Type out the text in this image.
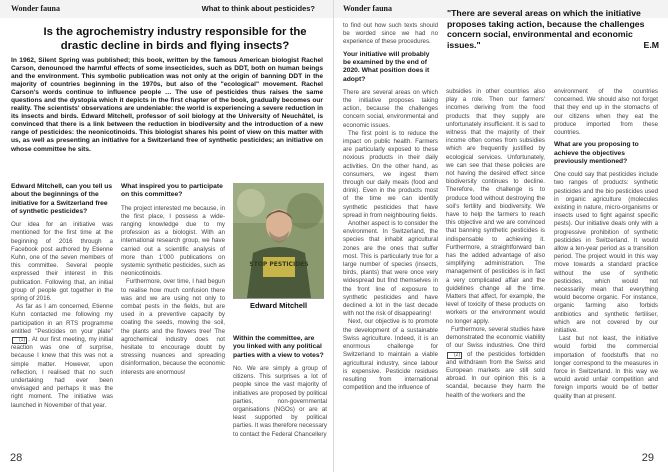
Wonder fauna	What to think about pesticides?
Is the agrochemistry industry responsible for the drastic decline in birds and flying insects?
In 1962, Silent Spring was published; this book, written by the famous American biologist Rachel Carson, denounced the harmful effects of some insecticides, such as DDT, both on human beings and the environment. This symbolic publication was not only at the origin of banning DDT in the majority of countries beginning in the 1970s, but also of the "ecological" movement. Rachel Carson's words continue to influence people … The use of pesticides thus raises the same questions and the dystopia which it depicts in the first chapter of the book, gradually becomes our reality. The scientists' observations are undeniable: the world is experiencing a severe reduction in its insects and birds. Edward Mitchell, professor of soil biology at the University of Neuchâtel, is convinced that there is a link between the reduction in biodiversity and the introduction of a new range of pesticides: the neonicotinoids. This biologist shares his point of view on this matter with us, as well as presenting an initiative for a Switzerland free of synthetic pesticides; an initiative on whose committee he sits.
Edward Mitchell, can you tell us about the beginnings of the initiative for a Switzerland free of synthetic pesticides?

Our idea for an initiative was mentioned for the first time at the beginning of 2016 through a Facebook post authored by Etienne Kuhn, one of the seven members of this committee. Several people expressed their interest in this publication. Following that, an initial group of people got together in the spring of 2016.

As far as I am concerned, Etienne Kuhn contacted me following my participation in an RTS programme entitled "Pesticides on your plate" (1) . At our first meeting, my initial reaction was one of surprise, because I knew that this was not a simple matter. However, upon reflection, I realised that no such undertaking had ever been envisaged and perhaps it was the right moment. The initiative was launched in November of that year.

What inspired you to participate on this committee?

The project interested me because, in the first place, I possess a wide-ranging knowledge due to my profession as a biologist. With an international research group, we have carried out a scientific analysis of more than 1'000 publications on systemic synthetic pesticides, such as neonicotinoids.

Furthermore, over time, I had begun to realise how much confusion there was and we are using not only to combat pests in the fields, but are used in a preventive capacity by coating the seeds, mowing the soil, the plants and the flowers tree! The agrochemical industry does not hesitate to encourage doubt by stressing nuances and spreading disinformation, because the economic interests are enormous!

STOP PESTICIDES
Edward Mitchell
Within the committee, are you linked with any political parties with a view to votes?

No. We are simply a group of citizens. This surprises a lot of people since the vast majority of initiatives are proposed by political parties, non-governmental organisations (NGOs) or are at least supported by political parties. It was therefore necessary to contact the Federal Chancellery

28
Wonder fauna	"There are several areas on which the initiative proposes taking action, because the challenges concern social, environmental and economic issues."	E.M

to find out how such texts should be worded since we had no experience of these procedures.

Your initiative will probably be examined by the end of 2020. What position does it adopt?

There are several areas on which the initiative proposes taking action, because the challenges concern social, environmental and economic issues.

The first point is to reduce the impact on public health. Farmers are particularly exposed to these noxious products in their daily activities. On the other hand, as consumers, we ingest them through our daily meals (food and drink). Even in the products most of the time we can identify synthetic pesticides that have spread in from neighbouring fields.

Another aspect is to consider the environment. In Switzerland, the species that inhabit agricultural zones are the ones that suffer most. This is particularly true for a large number of species (insects, birds, plants) that were once very widespread but find themselves in the front line of exposure to synthetic pesticides and have declined a lot in the last decade with not the risk of disappearing!

Next, our objective is to promote the development of a sustainable Swiss agriculture. Indeed, it is an enormous challenge for Switzerland to maintain a viable agricultural industry, since labour is expensive. Pesticide residues resulting from international competition and the influence of

subsidies in other countries also play a role. Then our farmers' incomes deriving from the food products that they supply are unfortunately insufficient. It is sad to witness that the majority of their income often comes from subsidies which are frequently justified by ecological services. Unfortunately, we can see that these policies are not having the desired effect since biodiversity continues to decline. Therefore, the challenge is to produce food without destroying the soil's fertility and biodiversity. We have to help the farmers to reach this objective and we are convinced that banning synthetic pesticides is indispensable to achieving it. Furthermore, a straightforward ban has the added advantage of also simplifying administration. The management of pesticides is in fact a very complicated affair and the guidelines change all the time. Matters that affect, for example, the level of toxicity of these products on workers or the environment would no longer apply.

Furthermore, several studies have demonstrated the economic viability of our Swiss industries. One third (2) of the pesticides forbidden and withdrawn from the Swiss and European markets are still sold abroad. In our opinion this is a scandal, because they harm the health of the workers and the

environment of the countries concerned. We should also not forget that they end up in the stomachs of our citizens when they eat the produce imported from these countries.

What are you proposing to achieve the objectives previously mentioned?

One could say that pesticides include two ranges of products: synthetic pesticides and the bio pesticides used in organic agriculture (molecules existing in nature, micro-organisms or insects used to fight against specific pests). Our initiative deals only with a progressive prohibition of synthetic pesticides in Switzerland. It would allow a ten-year period as a transition period. The project would in this way move towards a standard practice without the use of synthetic pesticides, which would not necessarily mean that everything would become organic. For instance, organic farming also forbids antibiotics and synthetic fertiliser, which are not covered by our initiative.

Last but not least, the initiative would forbid the commercial importation of foodstuffs that no longer correspond to the measures in force in Switzerland. In this way we would avoid unfair competition and foreign imports would be of better quality than at present.

29
